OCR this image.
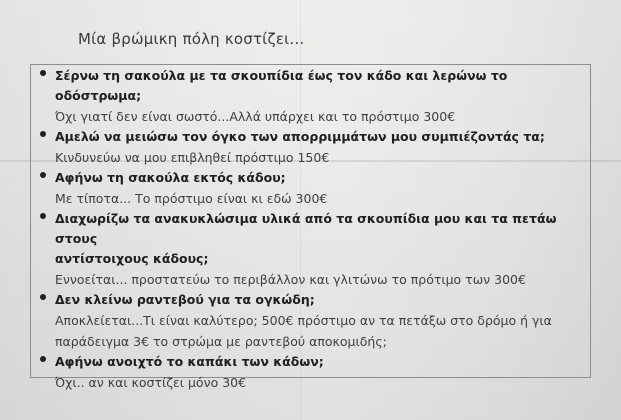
Μία βρώμικη πόλη κοστίζει...
Σέρνω τη σακούλα με τα σκουπίδια έως τον κάδο και λερώνω το οδόστρωμα;
Όχι γιατί δεν είναι σωστό...Αλλά υπάρχει και το πρόστιμο 300€
Αμελώ να μειώσω τον όγκο των απορριμμάτων μου συμπιέζοντάς τα;
Κινδυνεύω να μου επιβληθεί πρόστιμο 150€
Αφήνω τη σακούλα εκτός κάδου;
Με τίποτα... Το πρόστιμο είναι κι εδώ 300€
Διαχωρίζω τα ανακυκλώσιμα υλικά από τα σκουπίδια μου και τα πετάω στους
αντίστοιχους κάδους;
Εννοείται... προστατεύω το περιβάλλον και γλιτώνω το πρότιμο των 300€
Δεν κλείνω ραντεβού για τα ογκώδη;
Αποκλείεται...Τι είναι καλύτερο; 500€ πρόστιμο αν τα πετάξω στο δρόμο ή για
παράδειγμα 3€ το στρώμα με ραντεβού αποκομιδής;
Αφήνω ανοιχτό το καπάκι των κάδων;
Όχι.. αν και κοστίζει μόνο 30€
